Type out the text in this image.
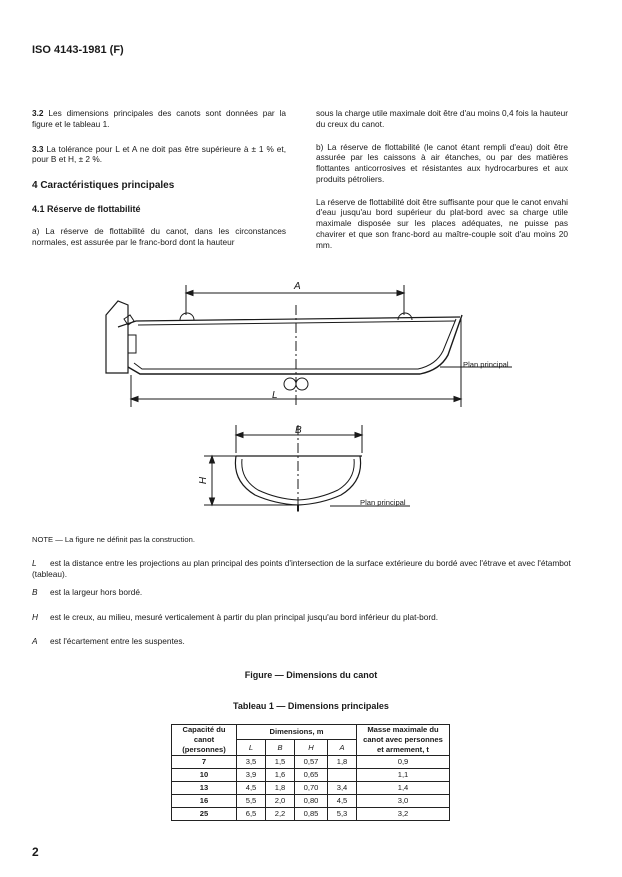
ISO 4143-1981 (F)

3.2 Les dimensions principales des canots sont données par la figure et le tableau 1.

3.3 La tolérance pour L et A ne doit pas être supérieure à ± 1 % et, pour B et H, ± 2 %.

4 Caractéristiques principales
4.1 Réserve de flottabilité

a) La réserve de flottabilité du canot, dans les circonstances normales, est assurée par le franc-bord dont la hauteur

sous la charge utile maximale doit être d'au moins 0,4 fois la hauteur du creux du canot.

b) La réserve de flottabilité (le canot étant rempli d'eau) doit être assurée par les caissons à air étanches, ou par des matières flottantes anticorrosives et résistantes aux hydrocarbures et aux produits pétroliers.

La réserve de flottabilité doit être suffisante pour que le canot envahi d'eau jusqu'au bord supérieur du plat-bord avec sa charge utile maximale disposée sur les places adéquates, ne puisse pas chavirer et que son franc-bord au maître-couple soit d'au moins 20 mm.

A
L
B
H
Plan principal
Plan principal
NOTE — La figure ne définit pas la construction.
L est la distance entre les projections au plan principal des points d'intersection de la surface extérieure du bordé avec l'étrave et avec l'étambot (tableau).
B est la largeur hors bordé.
H est le creux, au milieu, mesuré verticalement à partir du plan principal jusqu'au bord inférieur du plat-bord.
A est l'écartement entre les suspentes.
Figure — Dimensions du canot
Tableau 1 — Dimensions principales
Capacité du canot (personnes)	Dimensions, m				Masse maximale du canot avec personnes et armement, t
	L	B	H	A	
7	3,5	1,5	0,57	1,8	0,9
10	3,9	1,6	0,65		1,1
13	4,5	1,8	0,70	3,4	1,4
16	5,5	2,0	0,80	4,5	3,0
25	6,5	2,2	0,85	5,3	3,2
2
